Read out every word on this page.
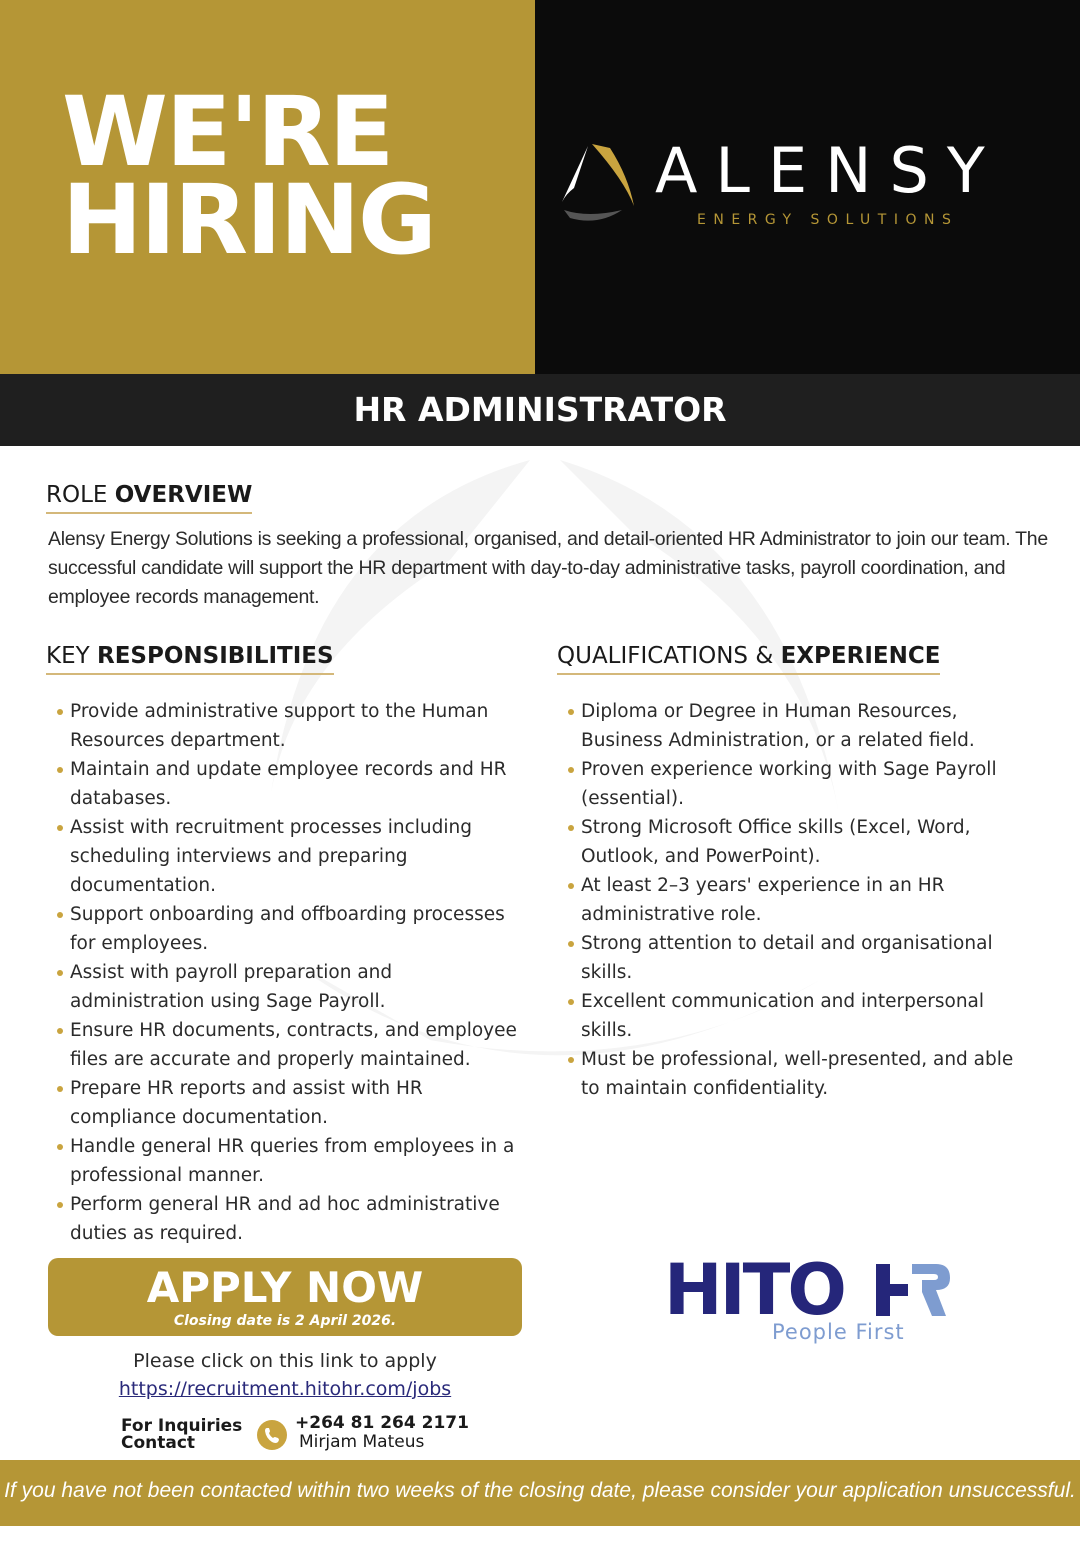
WE'RE
HIRING	ALENSY
ENERGY SOLUTIONS
HR ADMINISTRATOR
ROLE OVERVIEW
Alensy Energy Solutions is seeking a professional, organised, and detail-oriented HR Administrator to join our team. The successful candidate will support the HR department with day-to-day administrative tasks, payroll coordination, and employee records management.
KEY RESPONSIBILITIES
Provide administrative support to the Human Resources department.
Maintain and update employee records and HR databases.
Assist with recruitment processes including scheduling interviews and preparing documentation.
Support onboarding and offboarding processes for employees.
Assist with payroll preparation and administration using Sage Payroll.
Ensure HR documents, contracts, and employee files are accurate and properly maintained.
Prepare HR reports and assist with HR compliance documentation.
Handle general HR queries from employees in a professional manner.
Perform general HR and ad hoc administrative duties as required.
QUALIFICATIONS & EXPERIENCE
Diploma or Degree in Human Resources, Business Administration, or a related field.
Proven experience working with Sage Payroll (essential).
Strong Microsoft Office skills (Excel, Word, Outlook, and PowerPoint).
At least 2–3 years' experience in an HR administrative role.
Strong attention to detail and organisational skills.
Excellent communication and interpersonal skills.
Must be professional, well-presented, and able to maintain confidentiality.
APPLY NOW
Closing date is 2 April 2026.
Please click on this link to apply
https://recruitment.hitohr.com/jobs
For Inquiries
Contact
+264 81 264 2171
Mirjam Mateus
HITO
People First
If you have not been contacted within two weeks of the closing date, please consider your application unsuccessful.
